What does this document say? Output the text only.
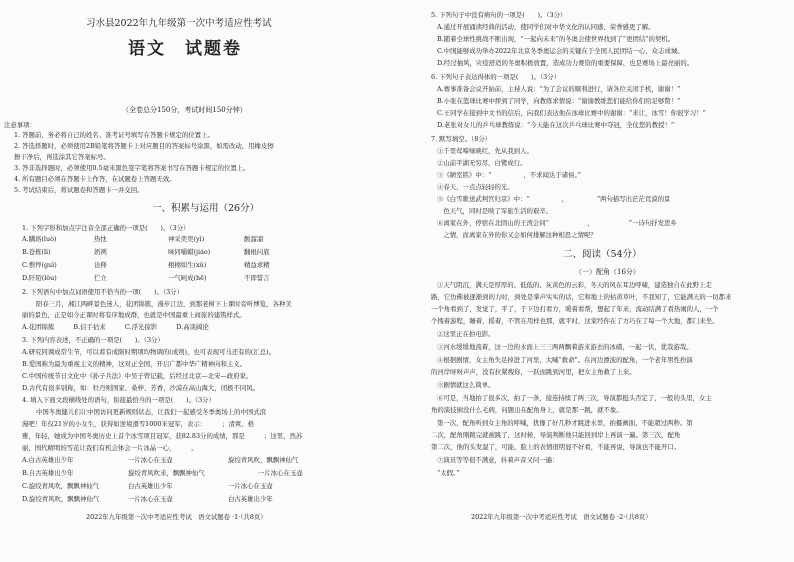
习水县2022年九年级第一次中考适应性考试
语文　试题卷
（全卷总分150分，考试时间150分钟）
注意事项：
1. 答题前，务必将自己的姓名、准考证号填写在答题卡规定的位置上。
2. 答选择题时，必须使用2B铅笔将答题卡上对应题目的答案标号涂黑，如需改动，用橡皮擦
擦干净后，再选涂其它答案标号。
3. 答非选择题时，必须使用0.5毫米黑色签字笔将答案书写在答题卡规定的位置上。
4. 所有题目必须在答题卡上作答，在试题卷上答题无效。
5. 考试结束后，将试题卷和答题卡一并交回。
一、积累与运用（26分）
1. 下列字形和加点字注音全部正确的一项是(　　)。（3分）
A.蹒珞(luò)	热忱	神采奕奕(yì)	酸溜溜
B.苍栋(lì)	奶冽	味同嚼蜡(jiáo)	翻根问底
C.憔悴(guì)	诠释	栩栩如生(xǔ)	精益求精
D.阡陌(lǒu)	伫立	一气呵成(hē)	不即誓言
2. 下列语句中加点词语使用不恰当的一项(　　)。（3分）
阳春三月，湘江两畔景色迷人，花团锦簇，漫步江边，到那老树下上课时旁听博览，各种美
丽的景色，正是如今正课时将有序地成群，也就是中国最重上商旅的建筑样式。
A.花团锦簇　　　B.信手拈来　　　C.浮光掠影　　　D.高谈阔论
3. 下列内容表述，不正确的一项是(　　)。（3分）
A.研究同调成常生节，可以看有成限时期项均物调的(成则)，也可表现可马还有的(汇总)。
B.爱国称为最为重视主义的精神，这对正全国，开启广都中华广精神向和主义。
C.中国传统节日文化中《孙子兵法》中吴子曾记载，后经过北京—北宋—政府家。
D.古代有很多别称，如：牡丹则国家、桑梓、芳香，沙漠在高山海大，闭极不同风。
4. 填入下面文段横线处的语句，衔接最恰当的一项是(　　)。（3分）
中国冬奥健儿们让中国访问更新规则状态，让我们一起感受冬季奥场上的中国式浪
漫吧！年仅21岁的小女生，获得如逆境滑雪1000米冠军，表示：　　　；清爽、格
雅，年轻，她成为中国冬奥历史上首个冰雪项目冠军，获82.83分的成绩，那是　　　；这里，然苏
丽，国代精明的雪花让我们有机会体会一片冰晶一心，　　　。
A.白古英雄出少年	一片冰心在玉壶	旋绞青风吹，飘飘神仙气
B.自古英雄出少年	旋绞青风吹来，飘飘神仙气	一片冰心在玉壶
C.旋绞青风吹，飘飘神仙气	白古英雄出少年	一片冰心在玉壶
D.旋绞青风吹，飘飘神仙气	一片冰心在玉壶	白古英雄出少年
2022年九年级第一次中考适应性考试　语文试题卷 ·1·（共8页）
5. 下列句子中没有病句的一项是(　　)。（3分）
A.通过开展诵读经典的活动，使同学们对中华文化的认同感、荣誉感更了解。
B.随着全球性挑战不断出现，“一起向未来”的冬奥会使世界找到了“更团结”的契机。
C.中国能够成功举办2022年北京冬季奥运会的关键在于全国人民团结一心、众志成城。
D.经过抽风，灾疫舒适的冬奥积极放置，造成功力赛资的重要保障，也是赛场上最亮丽的。
6. 下列句子表达得体的一项是(　　)。（3分）
A.赛事准备会议开始前，主持人说：“为了会议的顺利进行，请各位关闭手机，谢谢！”
B.小张在篮球比赛中摔到了同学，向教练求情说：“谢谢教练您们能给你们给足够赞！”
C.王同学在接到中文书的信后，向我们表达他在冰球比赛中的谢谢：“来让，冰雪！你很学习！”
D.老张对女儿的乒乓球教练说：“今天能在这次乒乓球比赛中夺冠，全仗您的教授！”
7. 默写填空。（8分）
①千里莺啼绿映红，先从我到人。
②山前平湖无穷尽，白鹭成行。
③《陋室铭》中：“　　　　　，不求闻达于诸侯。”
④春天，一点点轻轻的光。
⑤《白雪歌送武判官归京》中：“　　　　　，　　　　　”两句描写出茫茫荒漠的景
　色天气，同时是映了军旅生活的艰辛。
⑥离家在外，停宿在北固山的王湾会同“　　　　　　，　　　　　　”一诗句抒发思乡
　之情，而离家在外的你又会如何排解这种相思之情呢？
二、阅读（54分）
（一）配角（16分）
①天气阴沉，满天是厚厚的、低低的、灰黄色的云彩，冬天的风在耳边呼啸，建造独自在此野上走
路，它仿佛被逐渐到的力时，到处是掌声实实的话，它和地上的枯黄草叶，不我知了，它能满天的一切都来
一个角看到了，发觉了，平了，于下边打看方，暖着看帮，想起了年来，流动结满了看热闹的人，一个
个拽着游程，睡着，摇着，不管在用样也那，就平时，这家经你在了方巧在了每一个大地，都门来坐。
②这里正在拍电影。
③河水缓缓地流着，这一边的水面上三三两两飘着游来游去的冰碴，一起一伏，优哉游哉。
④根据剧情，女主角失足掉进了河里，大喊“救命”。在河边漂流的配角，一个老年男性扮演
的河岸呀呀声声，没有拉紧拽你，一跃而跳到河里，把女主角救了上来。
⑤剧情就这么简单。
⑥可是，当地拍了很多次，拍了一条，接连持续了两三次，导演都挺头否定了，一般的头里，女主
角的演技倒没什么毛病，问题出在配角身上，就是那一跳，就不象。
第一次，配角听到女主角的呼喊，犹豫了好几秒才跳进水里，拍摄画面，不能超过两秒。第
二次，配角刚跳完就被跳了，这时候，导演判断他只能回到岸上再演一遍。第三次，配角
第二次，他的头发湿了，可能，脸上的表情很明显不好看，不能再说，导演也不能开口。
⑦演员等等很不满意，抖着声音又问一遍：
“太假。”
2022年九年级第一次中考适应性考试　语文试题卷 ·2·（共8页）
